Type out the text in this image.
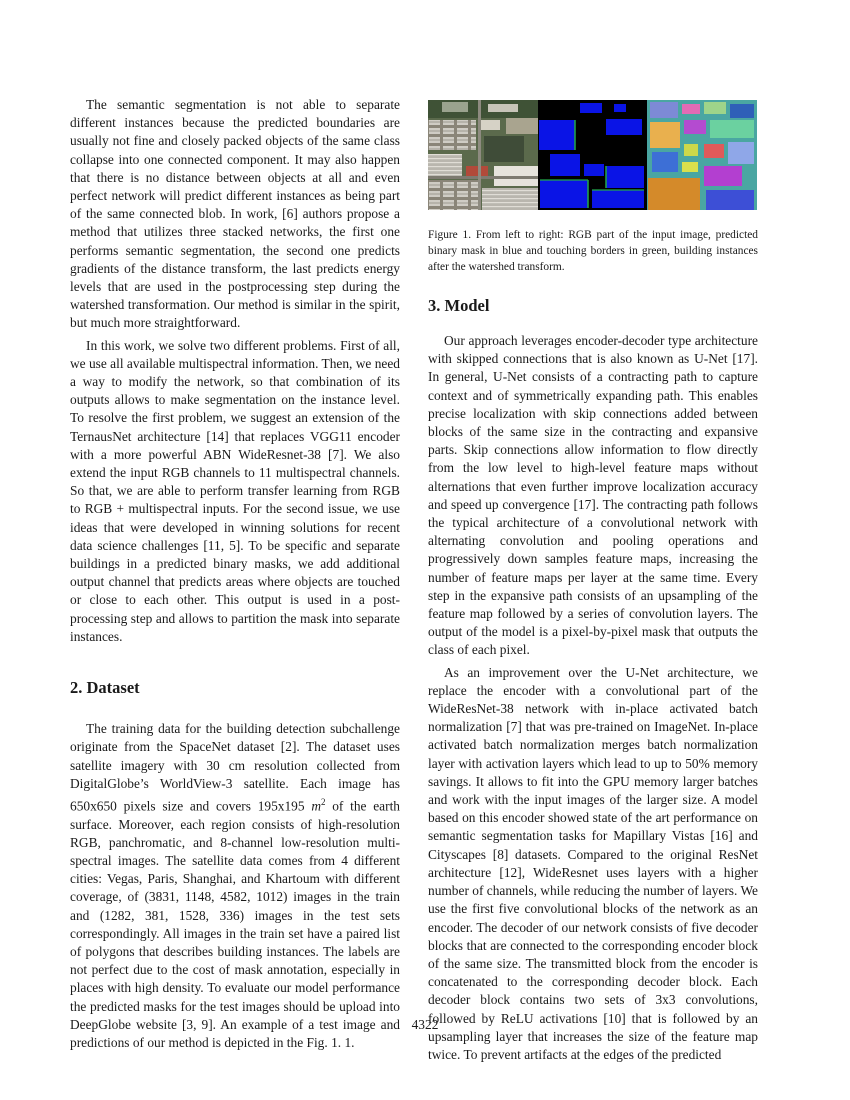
The semantic segmentation is not able to separate different instances because the predicted boundaries are usually not fine and closely packed objects of the same class collapse into one connected component. It may also happen that there is no distance between objects at all and even perfect network will predict different instances as being part of the same connected blob. In work, [6] authors propose a method that utilizes three stacked networks, the first one performs semantic segmentation, the second one predicts gradients of the distance transform, the last predicts energy levels that are used in the postprocessing step during the watershed transformation. Our method is similar in the spirit, but much more straightforward.

In this work, we solve two different problems. First of all, we use all available multispectral information. Then, we need a way to modify the network, so that combination of its outputs allows to make segmentation on the instance level. To resolve the first problem, we suggest an extension of the TernausNet architecture [14] that replaces VGG11 encoder with a more powerful ABN WideResnet-38 [7]. We also extend the input RGB channels to 11 multispectral channels. So that, we are able to perform transfer learning from RGB to RGB + multispectral inputs. For the second issue, we use ideas that were developed in winning solutions for recent data science challenges [11, 5]. To be specific and separate buildings in a predicted binary masks, we add additional output channel that predicts areas where objects are touched or close to each other. This output is used in a post-processing step and allows to partition the mask into separate instances.

2. Dataset

The training data for the building detection subchallenge originate from the SpaceNet dataset [2]. The dataset uses satellite imagery with 30 cm resolution collected from DigitalGlobe’s WorldView-3 satellite. Each image has 650x650 pixels size and covers 195x195 $m^2$ of the earth surface. Moreover, each region consists of high-resolution RGB, panchromatic, and 8-channel low-resolution multi-spectral images. The satellite data comes from 4 different cities: Vegas, Paris, Shanghai, and Khartoum with different coverage, of (3831, 1148, 4582, 1012) images in the train and (1282, 381, 1528, 336) images in the test sets correspondingly. All images in the train set have a paired list of polygons that describes building instances. The labels are not perfect due to the cost of mask annotation, especially in places with high density. To evaluate our model performance the predicted masks for the test images should be upload into DeepGlobe website [3, 9]. An example of a test image and predictions of our method is depicted in the Fig. 1. 1.

Figure 1. From left to right: RGB part of the input image, predicted binary mask in blue and touching borders in green, building instances after the watershed transform.

3. Model

Our approach leverages encoder-decoder type architecture with skipped connections that is also known as U-Net [17]. In general, U-Net consists of a contracting path to capture context and of symmetrically expanding path. This enables precise localization with skip connections added between blocks of the same size in the contracting and expansive parts. Skip connections allow information to flow directly from the low level to high-level feature maps without alternations that even further improve localization accuracy and speed up convergence [17]. The contracting path follows the typical architecture of a convolutional network with alternating convolution and pooling operations and progressively down samples feature maps, increasing the number of feature maps per layer at the same time. Every step in the expansive path consists of an upsampling of the feature map followed by a series of convolution layers. The output of the model is a pixel-by-pixel mask that outputs the class of each pixel.

As an improvement over the U-Net architecture, we replace the encoder with a convolutional part of the WideResNet-38 network with in-place activated batch normalization [7] that was pre-trained on ImageNet. In-place activated batch normalization merges batch normalization layer with activation layers which lead to up to 50% memory savings. It allows to fit into the GPU memory larger batches and work with the input images of the larger size. A model based on this encoder showed state of the art performance on semantic segmentation tasks for Mapillary Vistas [16] and Cityscapes [8] datasets. Compared to the original ResNet architecture [12], WideResnet uses layers with a higher number of channels, while reducing the number of layers. We use the first five convolutional blocks of the network as an encoder. The decoder of our network consists of five decoder blocks that are connected to the corresponding encoder block of the same size. The transmitted block from the encoder is concatenated to the corresponding decoder block. Each decoder block contains two sets of 3x3 convolutions, followed by ReLU activations [10] that is followed by an upsampling layer that increases the size of the feature map twice. To prevent artifacts at the edges of the predicted

4322
